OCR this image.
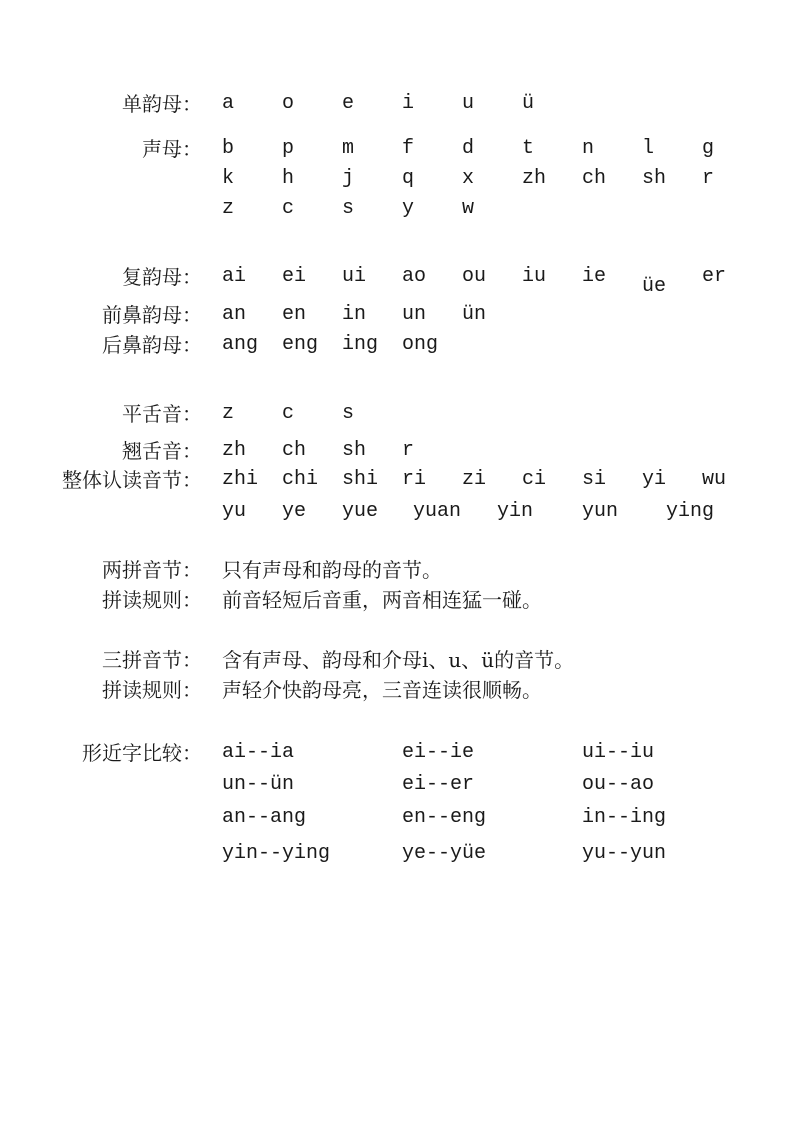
单韵母： a o e i u ü
声母： b p m f d t n l g
k h j q x zh ch sh r
z c s y w
复韵母： ai ei ui ao ou iu ie üe er
前鼻韵母： an en in un ün
后鼻韵母： ang eng ing ong
平舌音： z c s
翘舌音： zh ch sh r
整体认读音节： zhi chi shi ri zi ci si yi wu
yu ye yue yuan yin yun ying
两拼音节： 只有声母和韵母的音节。
拼读规则： 前音轻短后音重，两音相连猛一碰。
三拼音节： 含有声母、韵母和介母i、u、ü的音节。
拼读规则： 声轻介快韵母亮，三音连读很顺畅。
形近字比较： ai--ia	ei--ie	ui--iu
un--ün	ei--er	ou--ao
an--ang	en--eng	in--ing
yin--ying	ye--yüe	yu--yun
